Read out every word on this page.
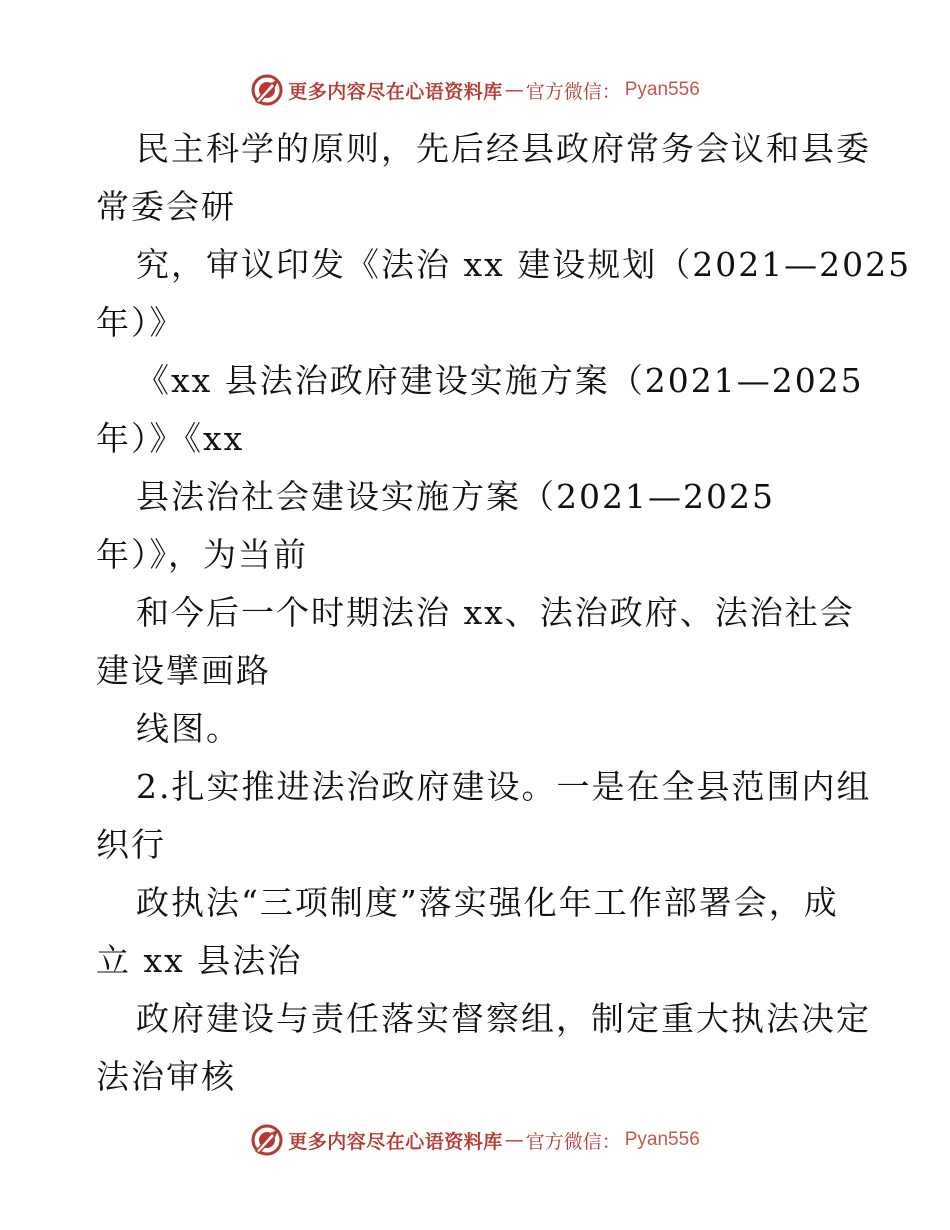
更多内容尽在心语资料库 — 官方微信： Pyan556
民主科学的原则，先后经县政府常务会议和县委
常委会研
究，审议印发《法治 xx 建设规划（2021—2025
年）》
《xx 县法治政府建设实施方案（2021—2025
年）》《xx
县法治社会建设实施方案（2021—2025
年）》，为当前
和今后一个时期法治 xx、法治政府、法治社会
建设擘画路
线图。
2.扎实推进法治政府建设。一是在全县范围内组
织行
政执法“三项制度”落实强化年工作部署会，成
立 xx 县法治
政府建设与责任落实督察组，制定重大执法决定
法治审核
更多内容尽在心语资料库 — 官方微信： Pyan556
